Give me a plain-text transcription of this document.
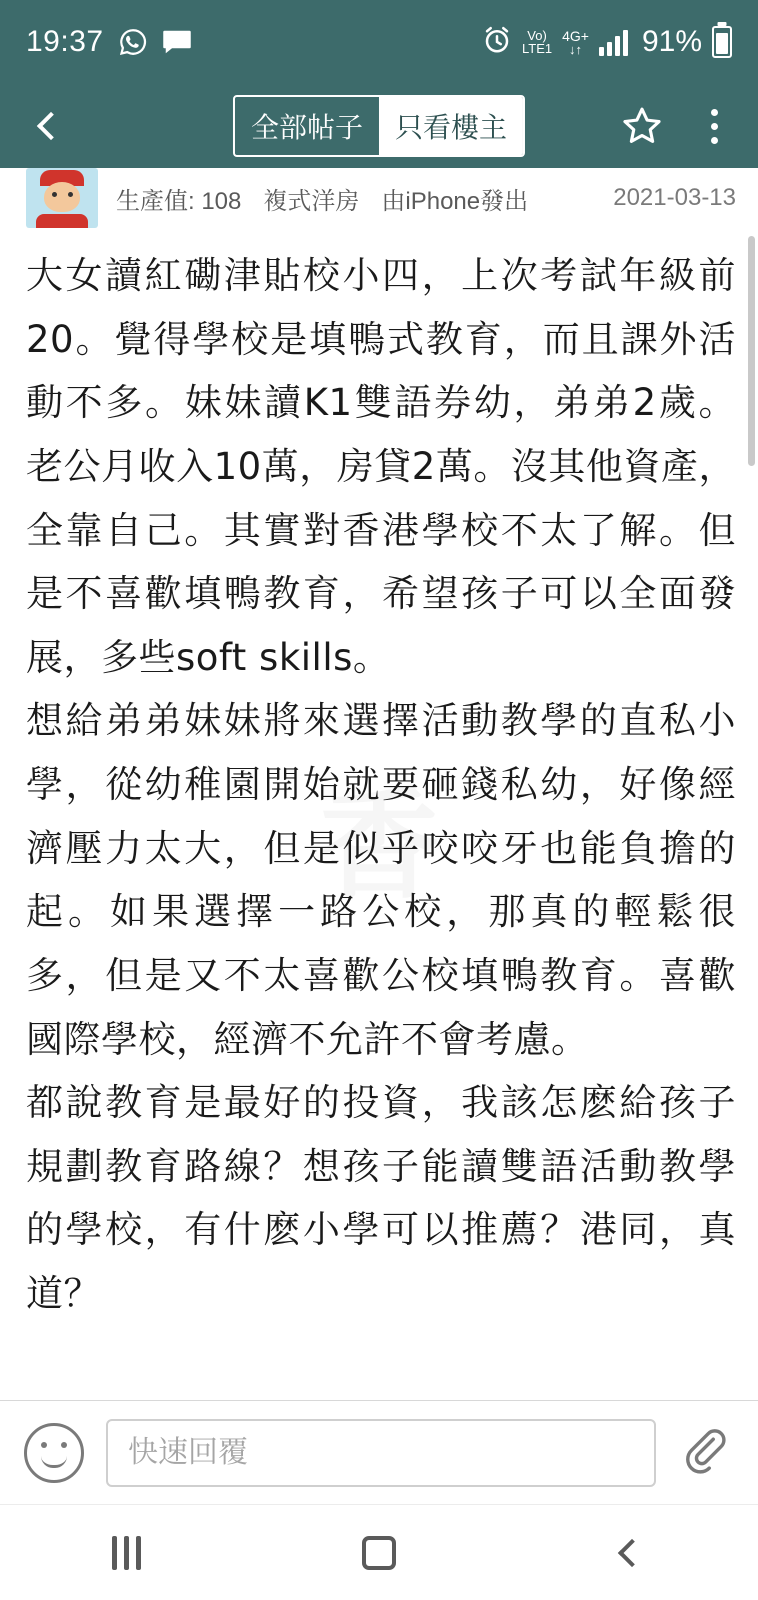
19:37	Vo)
LTE1
4G+
↓↑ 91%
全部帖子	只看樓主
生產值: 108 複式洋房 由iPhone發出	2021-03-13

大女讀紅磡津貼校小四，上次考試年級前20。覺得學校是填鴨式教育，而且課外活動不多。妹妹讀K1雙語券幼，弟弟2歲。老公月收入10萬，房貸2萬。沒其他資產，全靠自己。其實對香港學校不太了解。但是不喜歡填鴨教育，希望孩子可以全面發展，多些soft skills。

想給弟弟妹妹將來選擇活動教學的直私小學，從幼稚園開始就要砸錢私幼，好像經濟壓力太大，但是似乎咬咬牙也能負擔的起。如果選擇一路公校，那真的輕鬆很多，但是又不太喜歡公校填鴨教育。喜歡國際學校，經濟不允許不會考慮。

都說教育是最好的投資，我該怎麽給孩子規劃教育路線？想孩子能讀雙語活動教學的學校，有什麽小學可以推薦？港同，真道？

快速回覆
